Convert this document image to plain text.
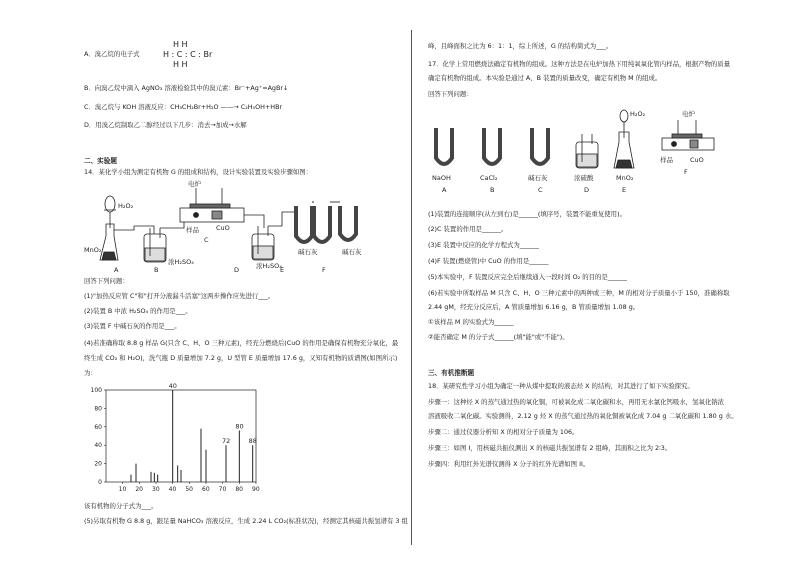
A．溴乙烷的电子式
H H
H : C : C : Br
H H
B．向溴乙烷中滴入 AgNO₃ 溶液检验其中的溴元素：Br⁻+Ag⁺=AgBr↓
C．溴乙烷与 KOH 溶液反应：CH₃CH₂Br+H₂O ——→ C₂H₅OH+HBr
D．用溴乙烷制取乙二醇经过以下几步：消去→加成→水解
二、实验题
14．某化学小组为测定有机物 G 的组成和结构，设计实验装置及实验步骤如图：
H₂O₂
MnO₂
浓H₂SO₄
电炉
样品	CuO
浓H₂SO₄
碱石灰	碱石灰
A	B
C
D	E	F
回答下列问题：
(1)"加热反应管 C"和"打开分液漏斗活塞"这两步操作应先进行___。
(2)装置 B 中浓 H₂SO₄ 的作用是___。
(3)装置 F 中碱石灰的作用是___。
(4)若准确称取 8.8 g 样品 G(只含 C、H、O 三种元素)，经充分燃烧后(CuO 的作用是确保有机物充分氧化，最
终生成 CO₂ 和 H₂O)，洗气瓶 D 质量增加 7.2 g，U 型管 E 质量增加 17.6 g，又知有机物的质谱图(如图所示)
为：
40
72
80
88
10 20 30 40 50 60 70 80 90
0
20
40
60
80
100
该有机物的分子式为___。
(5)另取有机物 G 8.8 g，跟足量 NaHCO₃ 溶液反应，生成 2.24 L CO₂(标准状况)，经测定其核磁共振氢谱有 3 组
峰，且峰面积之比为 6：1：1，综上所述，G 的结构简式为___。
17．化学上常用燃烧法确定有机物的组成。这种方法是在电炉加热下用纯氧氧化管内样品，根据产物的质量
确定有机物的组成。本实验是通过 A、B 装置的质量改变，确定有机物 M 的组成。
回答下列问题：
NaOH	CaCl₂	碱石灰	浓硫酸	MnO₂
H₂O₂	电炉
样品	CuO
A	B	C	D	E
F
(1)装置的连接顺序(从左到右)是______(填序号，装置不能重复使用)。
(2)C 装置的作用是______。
(3)E 装置中反应的化学方程式为______
(4)F 装置(燃烧管)中 CuO 的作用是______
(5)本实验中，F 装置反应完全后继续通入一段时间 O₂ 的目的是______
(6)若实验中所取样品 M 只含 C、H、O 三种元素中的两种或三种，M 的相对分子质量小于 150，准确称取
2.44 gM，经充分反应后，A 管质量增加 6.16 g，B 管质量增加 1.08 g。
①该样品 M 的实验式为______
②能否确定 M 的分子式______(填"能"或"不能")。
三、有机推断题
18．某研究性学习小组为确定一种从煤中提取的液态烃 X 的结构，对其进行了如下实验探究。
步骤一：这种烃 X 的蒸气通过热的氧化铜，可被氧化成二氧化碳和水，再用无水氯化钙吸水，氢氧化钠浓
溶液吸收二氧化碳。实验测得，2.12 g 烃 X 的蒸气通过热的氧化铜被氧化成 7.04 g 二氧化碳和 1.80 g 水。
步骤二：通过仪器分析知 X 的相对分子质量为 106。
步骤三：如图 I，用核磁共振仪测出 X 的核磁共振氢谱有 2 组峰，其面积之比为 2∶3。
步骤四：利用红外光谱仪测得 X 分子的红外光谱如图 II。
